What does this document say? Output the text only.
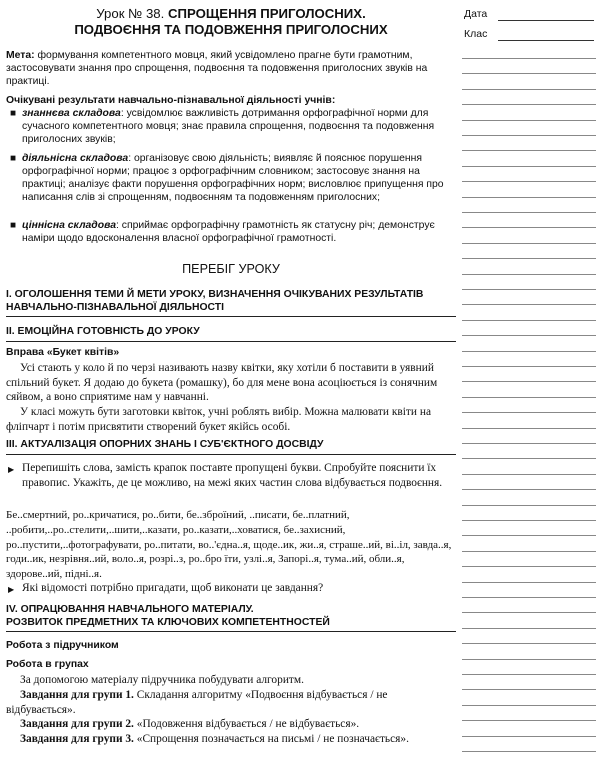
Урок № 38. СПРОЩЕННЯ ПРИГОЛОСНИХ.
ПОДВОЄННЯ ТА ПОДОВЖЕННЯ ПРИГОЛОСНИХ

Мета: формування компетентного мовця, який усвідомлено прагне бути грамотним, застосовувати знання про спрощення, подвоєння та подовження приголосних звуків на практиці.

Очікувані результати навчально-пізнавальної діяльності учнів:

■ знаннєва складова: усвідомлює важливість дотримання орфографічної норми для сучасного компетентного мовця; знає правила спрощення, подвоєння та подовження приголосних звуків;

■ діяльнісна складова: організовує свою діяльність; виявляє й пояснює порушення орфографічної норми; працює з орфографічним словником; застосовує знання на практиці; аналізує факти порушення орфографічних норм; висловлює припущення про написання слів зі спрощенням, подвоєнням та подовженням приголосних;

■ ціннісна складова: сприймає орфографічну грамотність як статусну річ; демонструє наміри щодо вдосконалення власної орфографічної грамотності.

ПЕРЕБІГ УРОКУ
I. ОГОЛОШЕННЯ ТЕМИ Й МЕТИ УРОКУ, ВИЗНАЧЕННЯ ОЧІКУВАНИХ РЕЗУЛЬТАТІВ НАВЧАЛЬНО-ПІЗНАВАЛЬНОЇ ДІЯЛЬНОСТІ
II. ЕМОЦІЙНА ГОТОВНІСТЬ ДО УРОКУ
Вправа «Букет квітів»

Усі стають у коло й по черзі називають назву квітки, яку хотіли б поставити в уявний спільний букет. Я додаю до букета (ромашку), бо для мене вона асоціюється із сонячним сяйвом, а воно сприятиме нам у навчанні.

У класі можуть бути заготовки квіток, учні роблять вибір. Можна малювати квіти на фліпчарт і потім присвятити створений букет якійсь особі.

III. АКТУАЛІЗАЦІЯ ОПОРНИХ ЗНАНЬ І СУБ'ЄКТНОГО ДОСВІДУ

▶ Перепишіть слова, замість крапок поставте пропущені букви. Спробуйте пояснити їх правопис. Укажіть, де це можливо, на межі яких частин слова відбувається подвоєння.

Бе..смертний, ро..кричатися, ро..бити, бе..зброїний, ..писати, бе..платний, ..робити,..ро..стелити,..шити,..казати, ро..казати,..ховатися, бе..захисний, ро..пустити,..фотографувати, ро..питати, во..'єдна..я, щоде..ик, жи..я, страше..ий, ві..іл, завда..я, годи..ик, незрівня..ий, воло..я, розрі..з, ро..бро їти, узлі..я, Запорі..я, тума..ий, обли..я, здорове..ий, підні..я.

▶ Які відомості потрібно пригадати, щоб виконати це завдання?

IV. ОПРАЦЮВАННЯ НАВЧАЛЬНОГО МАТЕРІАЛУ.
РОЗВИТОК ПРЕДМЕТНИХ ТА КЛЮЧОВИХ КОМПЕТЕНТНОСТЕЙ
Робота з підручником
Робота в групах

За допомогою матеріалу підручника побудувати алгоритм.

Завдання для групи 1. Складання алгоритму «Подвоєння відбувається / не відбувається».

Завдання для групи 2. «Подовження відбувається / не відбувається».

Завдання для групи 3. «Спрощення позначається на письмі / не позначається».

Дата
Клас
